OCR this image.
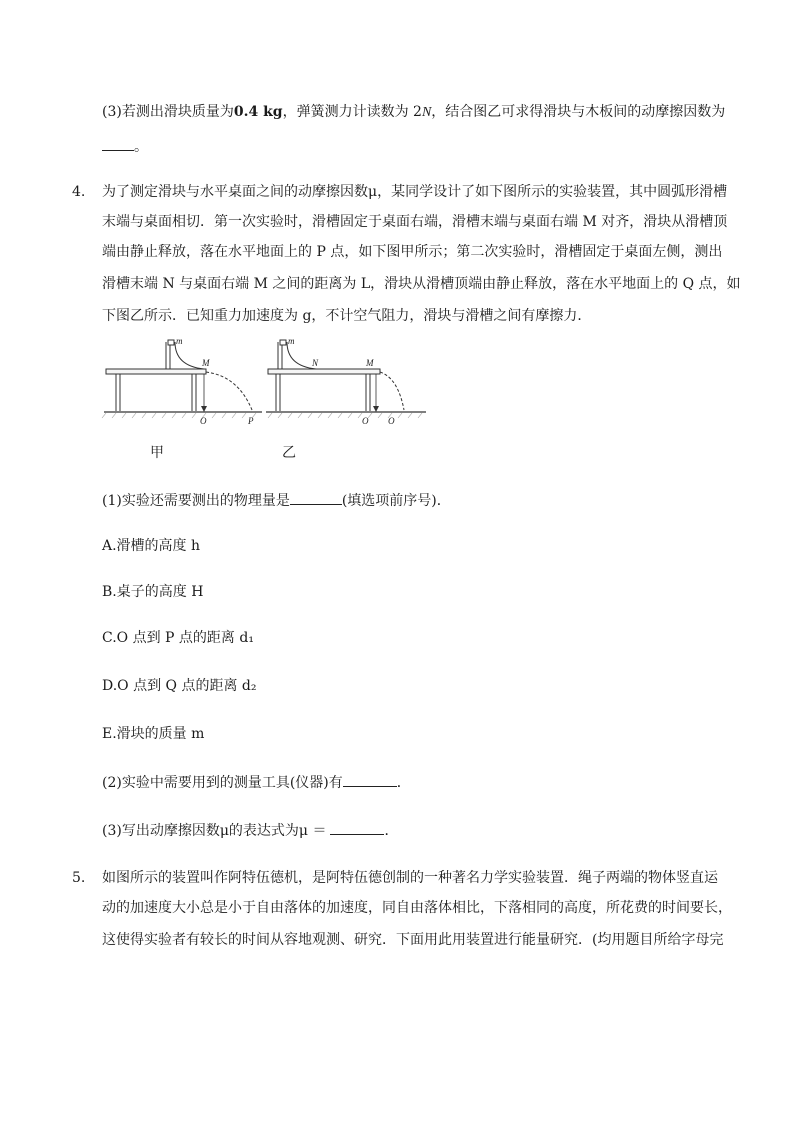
(3)若测出滑块质量为0.4 kg，弹簧测力计读数为 2N，结合图乙可求得滑块与木板间的动摩擦因数为
。
4. 为了测定滑块与水平桌面之间的动摩擦因数μ，某同学设计了如下图所示的实验装置，其中圆弧形滑槽
末端与桌面相切．第一次实验时，滑槽固定于桌面右端，滑槽末端与桌面右端 M 对齐，滑块从滑槽顶
端由静止释放，落在水平地面上的 P 点，如下图甲所示；第二次实验时，滑槽固定于桌面左侧，测出
滑槽末端 N 与桌面右端 M 之间的距离为 L，滑块从滑槽顶端由静止释放，落在水平地面上的 Q 点，如
下图乙所示．已知重力加速度为 g，不计空气阻力，滑块与滑槽之间有摩擦力．
m
M
O	P
m
N	M
O Q
甲	乙
(1)实验还需要测出的物理量是	(填选项前序号)．
A.滑槽的高度 h
B.桌子的高度 H
C.O 点到 P 点的距离 d₁
D.O 点到 Q 点的距离 d₂
E.滑块的质量 m
(2)实验中需要用到的测量工具(仪器)有	．
(3)写出动摩擦因数μ的表达式为μ ＝	．
5. 如图所示的装置叫作阿特伍德机，是阿特伍德创制的一种著名力学实验装置．绳子两端的物体竖直运
动的加速度大小总是小于自由落体的加速度，同自由落体相比，下落相同的高度，所花费的时间要长，
这使得实验者有较长的时间从容地观测、研究．下面用此用装置进行能量研究．(均用题目所给字母完
